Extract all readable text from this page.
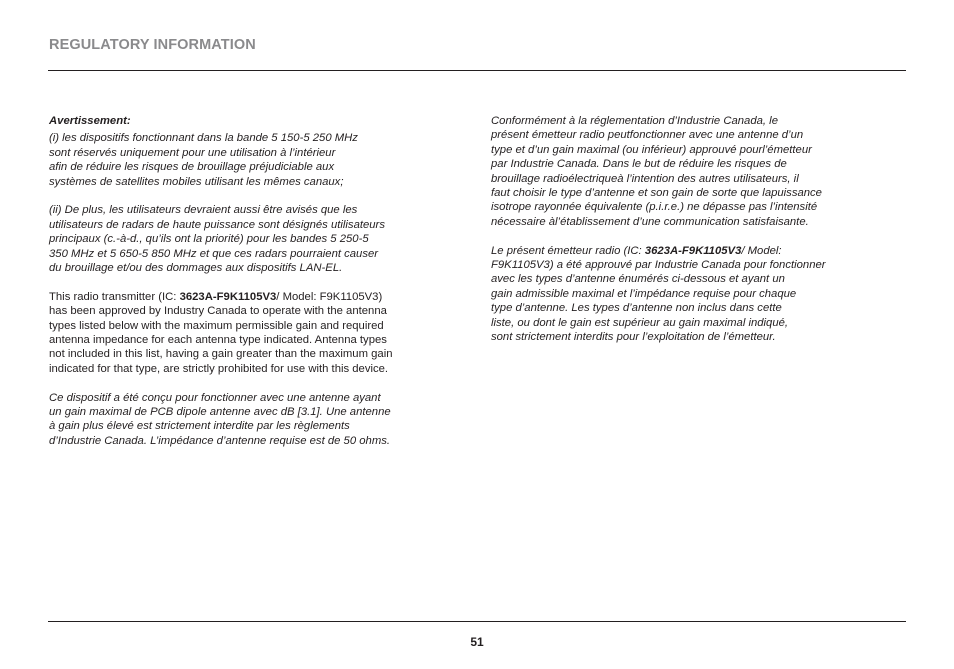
REGULATORY INFORMATION
Avertissement:
(i) les dispositifs fonctionnant dans la bande 5 150-5 250 MHz
sont réservés uniquement pour une utilisation à l’intérieur
afin de réduire les risques de brouillage préjudiciable aux
systèmes de satellites mobiles utilisant les mêmes canaux;
(ii) De plus, les utilisateurs devraient aussi être avisés que les
utilisateurs de radars de haute puissance sont désignés utilisateurs
principaux (c.-à-d., qu’ils ont la priorité) pour les bandes 5 250-5
350 MHz et 5 650-5 850 MHz et que ces radars pourraient causer
du brouillage et/ou des dommages aux dispositifs LAN-EL.
This radio transmitter (IC: 3623A-F9K1105V3/ Model: F9K1105V3)
has been approved by Industry Canada to operate with the antenna
types listed below with the maximum permissible gain and required
antenna impedance for each antenna type indicated. Antenna types
not included in this list, having a gain greater than the maximum gain
indicated for that type, are strictly prohibited for use with this device.
Ce dispositif a été conçu pour fonctionner avec une antenne ayant
un gain maximal de PCB dipole antenne avec dB [3.1]. Une antenne
à gain plus élevé est strictement interdite par les règlements
d’Industrie Canada. L’impédance d’antenne requise est de 50 ohms.
Conformément à la réglementation d’Industrie Canada, le
présent émetteur radio peutfonctionner avec une antenne d’un
type et d’un gain maximal (ou inférieur) approuvé pourl’émetteur
par Industrie Canada. Dans le but de réduire les risques de
brouillage radioélectriqueà l’intention des autres utilisateurs, il
faut choisir le type d’antenne et son gain de sorte que lapuissance
isotrope rayonnée équivalente (p.i.r.e.) ne dépasse pas l’intensité
nécessaire àl’établissement d’une communication satisfaisante.
Le présent émetteur radio (IC: 3623A-F9K1105V3/ Model:
F9K1105V3) a été approuvé par Industrie Canada pour fonctionner
avec les types d’antenne énumérés ci-dessous et ayant un
gain admissible maximal et l’impédance requise pour chaque
type d’antenne. Les types d’antenne non inclus dans cette
liste, ou dont le gain est supérieur au gain maximal indiqué,
sont strictement interdits pour l’exploitation de l’émetteur.
51
